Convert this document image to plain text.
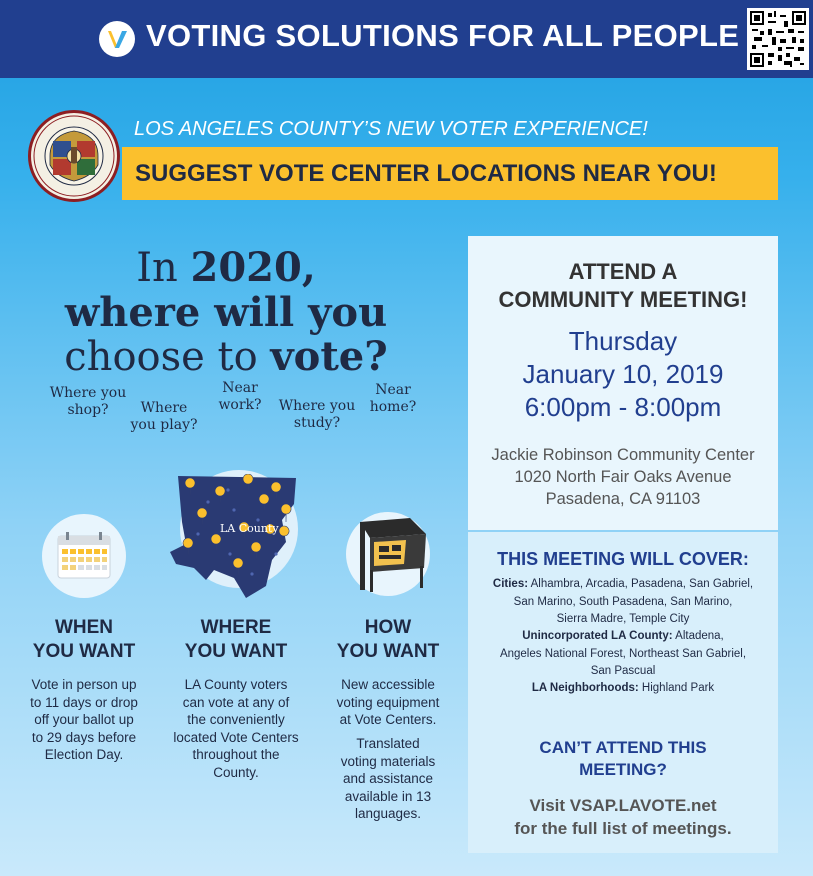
VOTING SOLUTIONS FOR ALL PEOPLE
LOS ANGELES COUNTY’S NEW VOTER EXPERIENCE!
SUGGEST VOTE CENTER LOCATIONS NEAR YOU!
In 2020,
where will you
choose to vote?
Where you
shop?	Where
you play?
Near
work?	Where you
study?
Near
home?
LA County
WHEN
YOU WANT
Vote in person up
to 11 days or drop
off your ballot up
to 29 days before
Election Day.
WHERE
YOU WANT
LA County voters
can vote at any of
the conveniently
located Vote Centers
throughout the
County.
HOW
YOU WANT
New accessible
voting equipment
at Vote Centers.
Translated
voting materials
and assistance
available in 13
languages.
ATTEND A
COMMUNITY MEETING!
Thursday
January 10, 2019
6:00pm - 8:00pm
Jackie Robinson Community Center
1020 North Fair Oaks Avenue
Pasadena, CA 91103
THIS MEETING WILL COVER:
Cities: Alhambra, Arcadia, Pasadena, San Gabriel,
San Marino, South Pasadena, San Marino,
Sierra Madre, Temple City
Unincorporated LA County: Altadena,
Angeles National Forest, Northeast San Gabriel,
San Pascual
LA Neighborhoods: Highland Park
CAN’T ATTEND THIS
MEETING?
Visit VSAP.LAVOTE.net
for the full list of meetings.
